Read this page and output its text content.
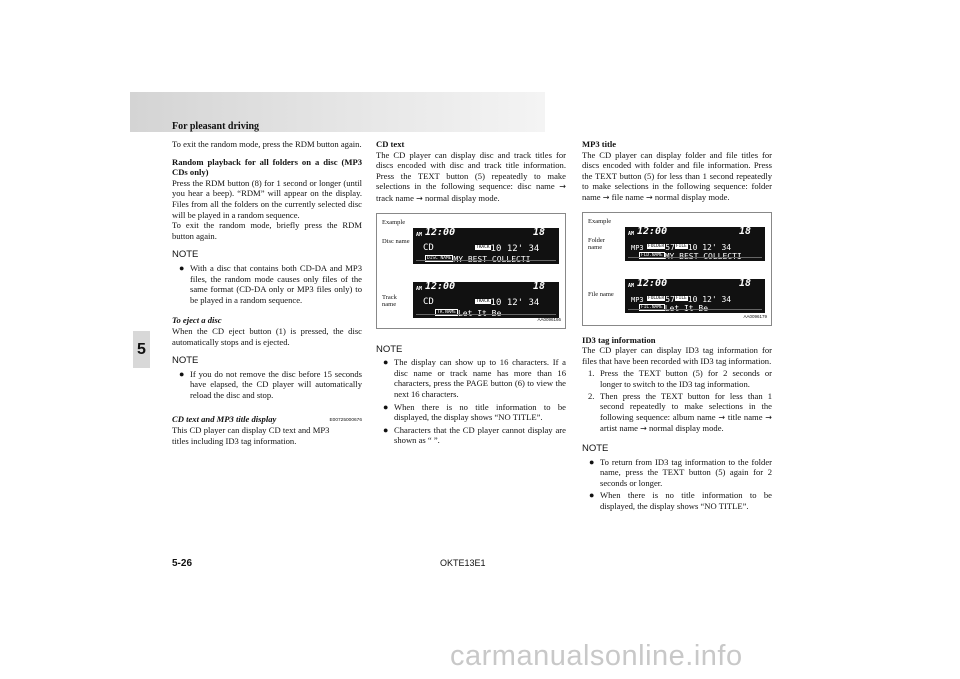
For pleasant driving
5

To exit the random mode, press the RDM button again.

Random playback for all folders on a disc (MP3 CDs only)

Press the RDM button (8) for 1 second or longer (until you hear a beep). “RDM” will appear on the display. Files from all the folders on the currently selected disc will be played in a random sequence.

To exit the random mode, briefly press the RDM button again.

NOTE
● With a disc that contains both CD-DA and MP3 files, the random mode causes only files of the same format (CD-DA only or MP3 files only) to be played in a random sequence.

To eject a disc

When the CD eject button (1) is pressed, the disc automatically stops and is ejected.

NOTE
● If you do not remove the disc before 15 seconds have elapsed, the CD player will automatically reload the disc and stop.

CD text and MP3 title display	E00725000676

This CD player can display CD text and MP3 titles including ID3 tag information.

CD text

The CD player can display disc and track titles for discs encoded with disc and track title information. Press the TEXT button (5) repeatedly to make selections in the following sequence: disc name → track name → normal display mode.

Example
Disc name
Track name
AM 12:00	18
CD	TRACK10 12' 34
DISC NAME MY BEST COLLECTI
AM 12:00	18
CD	TRACK10 12' 34
TR.NAME Let It Be
AA0096166
NOTE
● The display can show up to 16 characters. If a disc name or track name has more than 16 characters, press the PAGE button (6) to view the next 16 characters.
● When there is no title information to be displayed, the display shows “NO TITLE”.
● Characters that the CD player cannot display are shown as “ ”.

MP3 title

The CD player can display folder and file titles for discs encoded with folder and file information. Press the TEXT button (5) for less than 1 second repeatedly to make selections in the following sequence: folder name → file name → normal display mode.

Example
Folder name
File name
AM 12:00	18
MP3 FOLDER57FILE10 12' 34
FLD.NAME MY BEST COLLECTI
AM 12:00	18
MP3 FOLDER57FILE10 12' 34
FIL.NAME Let It Be
AA0096179

ID3 tag information

The CD player can display ID3 tag information for files that have been recorded with ID3 tag information.

1. Press the TEXT button (5) for 2 seconds or longer to switch to the ID3 tag information.
2. Then press the TEXT button for less than 1 second repeatedly to make selections in the following sequence: album name → title name → artist name → normal display mode.
NOTE
● To return from ID3 tag information to the folder name, press the TEXT button (5) again for 2 seconds or longer.
● When there is no title information to be displayed, the display shows “NO TITLE”.
5-26	OKTE13E1
carmanualsonline.info
